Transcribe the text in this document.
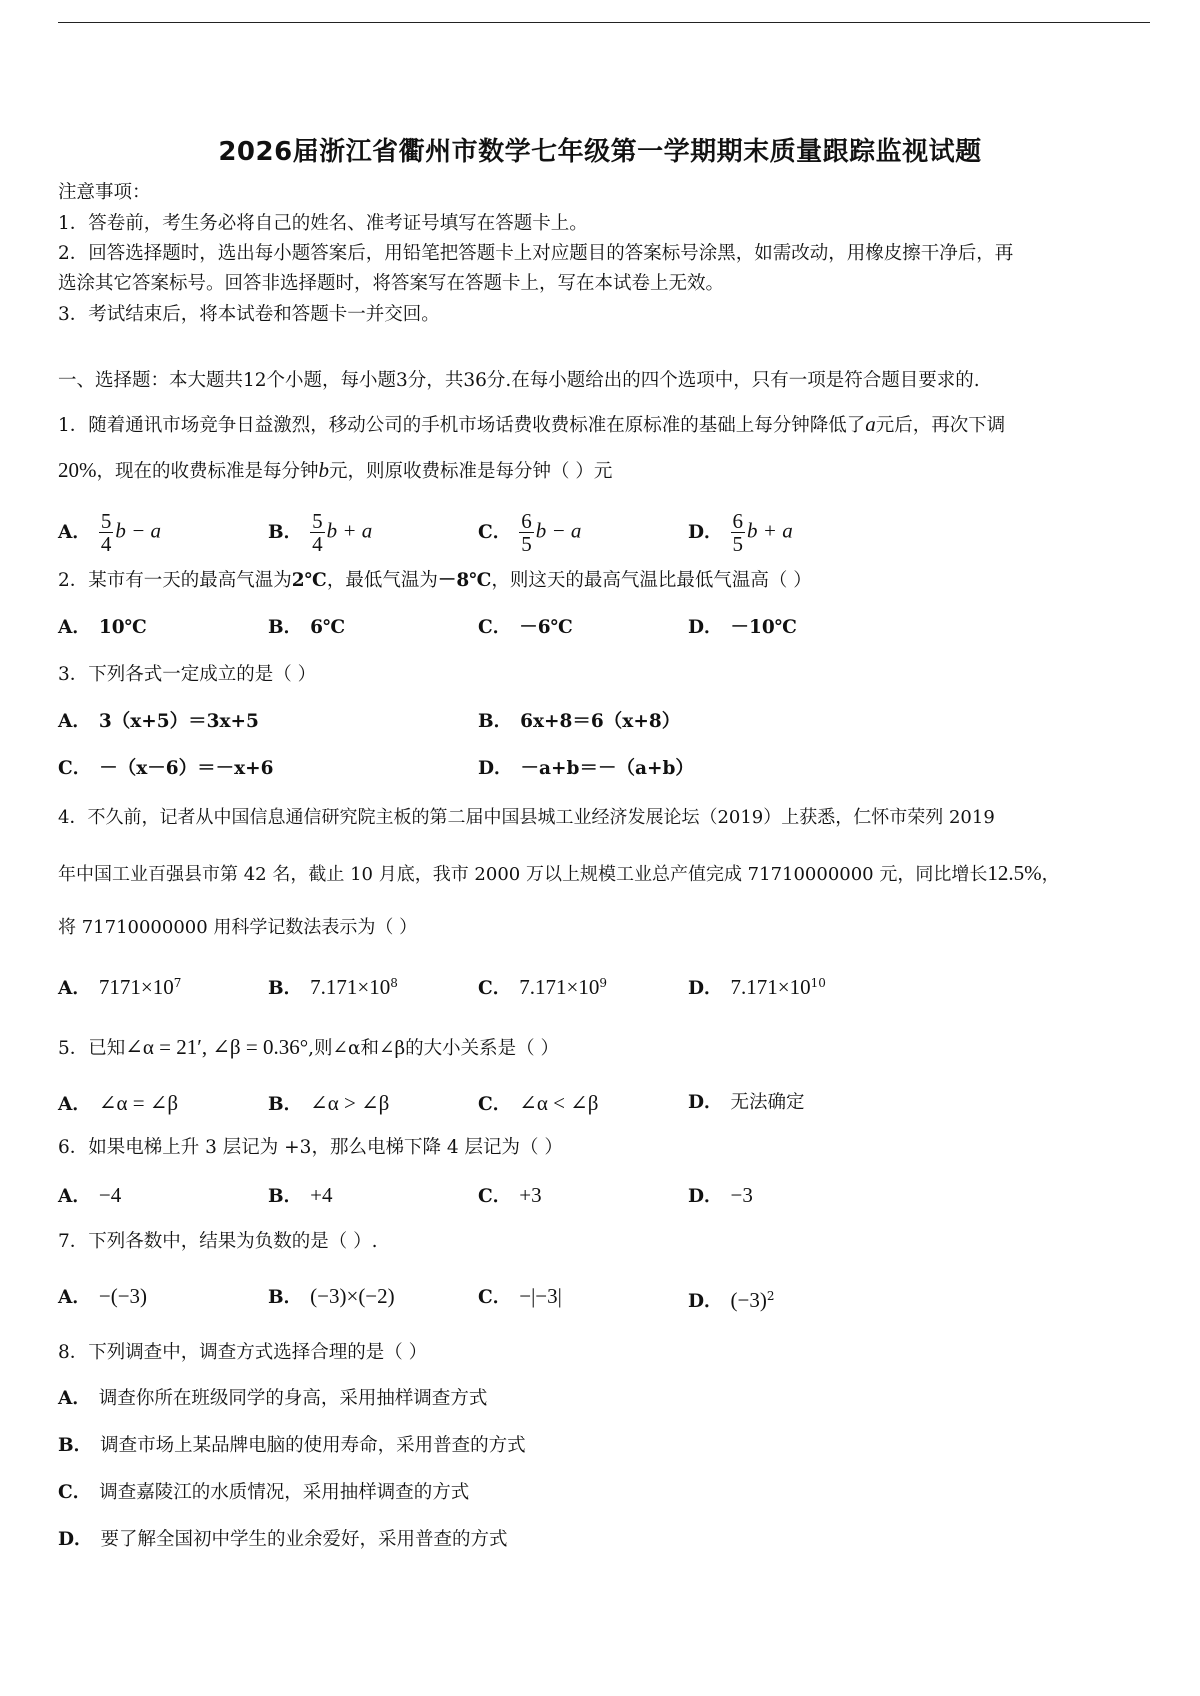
2026届浙江省衢州市数学七年级第一学期期末质量跟踪监视试题
注意事项：
1．答卷前，考生务必将自己的姓名、准考证号填写在答题卡上。
2．回答选择题时，选出每小题答案后，用铅笔把答题卡上对应题目的答案标号涂黑，如需改动，用橡皮擦干净后，再
选涂其它答案标号。回答非选择题时，将答案写在答题卡上，写在本试卷上无效。
3．考试结束后，将本试卷和答题卡一并交回。
一、选择题：本大题共12个小题，每小题3分，共36分.在每小题给出的四个选项中，只有一项是符合题目要求的.
1．随着通讯市场竞争日益激烈，移动公司的手机市场话费收费标准在原标准的基础上每分钟降低了a元后，再次下调
20%，现在的收费标准是每分钟b元，则原收费标准是每分钟（ ）元
A． $\frac{5}{4}$ b − a	B． $\frac{5}{4}$ b + a	C． $\frac{6}{5}$ b − a	D． $\frac{6}{5}$ b + a
2．某市有一天的最高气温为2℃，最低气温为－8℃，则这天的最高气温比最低气温高（ ）
A． 10℃	B． 6℃	C． －6℃	D． －10℃
3．下列各式一定成立的是（ ）
A． 3（x+5）＝3x+5	B． 6x+8＝6（x+8）
C． －（x－6）＝－x+6	D． －a+b＝－（a+b）
4．不久前，记者从中国信息通信研究院主板的第二届中国县城工业经济发展论坛（2019）上获悉，仁怀市荣列 2019
年中国工业百强县市第 42 名，截止 10 月底，我市 2000 万以上规模工业总产值完成 71710000000 元，同比增长12.5%，
将 71710000000 用科学记数法表示为（ ）
A． $7171\times 10^7$	B． $7.171\times 10^8$	C． $7.171\times 10^9$	D． $7.171\times 10^{10}$
5．已知∠α = 21′, ∠β = 0.36°,则∠α和∠β的大小关系是（ ）
A． ∠α = ∠β	B． ∠α > ∠β	C． ∠α < ∠β	D． 无法确定
6．如果电梯上升 3 层记为 +3，那么电梯下降 4 层记为（ ）
A． −4	B． +4	C． +3	D． −3
7．下列各数中，结果为负数的是（ ）.
A． −(−3)	B． (−3)×(−2)	C． −|−3|	D． $(-3)^2$
8．下列调查中，调查方式选择合理的是（ ）
A． 调查你所在班级同学的身高，采用抽样调查方式
B． 调查市场上某品牌电脑的使用寿命，采用普查的方式
C． 调查嘉陵江的水质情况，采用抽样调查的方式
D． 要了解全国初中学生的业余爱好，采用普查的方式
